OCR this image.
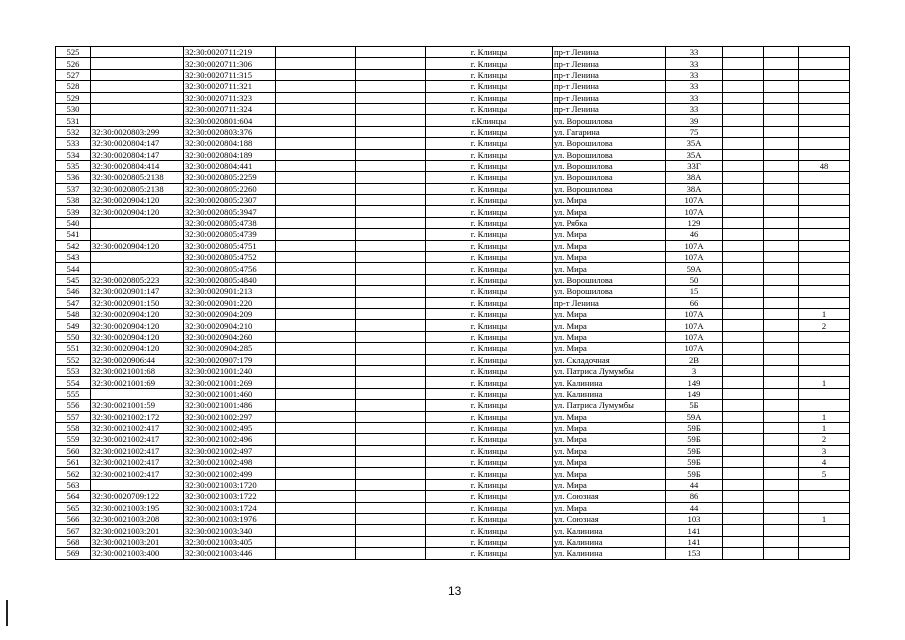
525		32:30:0020711:219			г. Клинцы	пр-т Ленина	33			
526		32:30:0020711:306			г. Клинцы	пр-т Ленина	33			
527		32:30:0020711:315			г. Клинцы	пр-т Ленина	33			
528		32:30:0020711:321			г. Клинцы	пр-т Ленина	33			
529		32:30:0020711:323			г. Клинцы	пр-т Ленина	33			
530		32:30:0020711:324			г. Клинцы	пр-т Ленина	33			
531		32:30:0020801:604			г.Клинцы	ул. Ворошилова	39			
532	32:30:0020803:299	32:30:0020803:376			г. Клинцы	ул. Гагарина	75			
533	32:30:0020804:147	32:30:0020804:188			г. Клинцы	ул. Ворошилова	35А			
534	32:30:0020804:147	32:30:0020804:189			г. Клинцы	ул. Ворошилова	35А			
535	32:30:0020804:414	32:30:0020804:441			г. Клинцы	ул. Ворошилова	33Г			48
536	32:30:0020805:2138	32:30:0020805:2259			г. Клинцы	ул. Ворошилова	38А			
537	32:30:0020805:2138	32:30:0020805:2260			г. Клинцы	ул. Ворошилова	38А			
538	32:30:0020904:120	32:30:0020805:2307			г. Клинцы	ул. Мира	107А			
539	32:30:0020904:120	32:30:0020805:3947			г. Клинцы	ул. Мира	107А			
540		32:30:0020805:4738			г. Клинцы	ул. Рябка	129			
541		32:30:0020805:4739			г. Клинцы	ул. Мира	46			
542	32:30:0020904:120	32:30:0020805:4751			г. Клинцы	ул. Мира	107А			
543		32:30:0020805:4752			г. Клинцы	ул. Мира	107А			
544		32:30:0020805:4756			г. Клинцы	ул. Мира	59А			
545	32:30:0020805:223	32:30:0020805:4840			г. Клинцы	ул. Ворошилова	50			
546	32:30:0020901:147	32:30:0020901:213			г. Клинцы	ул. Ворошилова	15			
547	32:30:0020901:150	32:30:0020901:220			г. Клинцы	пр-т Ленина	66			
548	32:30:0020904:120	32:30:0020904:209			г. Клинцы	ул. Мира	107А			1
549	32:30:0020904:120	32:30:0020904:210			г. Клинцы	ул. Мира	107А			2
550	32:30:0020904:120	32:30:0020904:260			г. Клинцы	ул. Мира	107А			
551	32:30:0020904:120	32:30:0020904:285			г. Клинцы	ул. Мира	107А			
552	32:30:0020906:44	32:30:0020907:179			г. Клинцы	ул. Складочная	2В			
553	32:30:0021001:68	32:30:0021001:240			г. Клинцы	ул. Патриса Лумумбы	3			
554	32:30:0021001:69	32:30:0021001:269			г. Клинцы	ул. Калинина	149			1
555		32:30:0021001:460			г. Клинцы	ул. Калинина	149			
556	32:30:0021001:59	32:30:0021001:486			г. Клинцы	ул. Патриса Лумумбы	5Б			
557	32:30:0021002:172	32:30:0021002:297			г. Клинцы	ул. Мира	59А			1
558	32:30:0021002:417	32:30:0021002:495			г. Клинцы	ул. Мира	59Б			1
559	32:30:0021002:417	32:30:0021002:496			г. Клинцы	ул. Мира	59Б			2
560	32:30:0021002:417	32:30:0021002:497			г. Клинцы	ул. Мира	59Б			3
561	32:30:0021002:417	32:30:0021002:498			г. Клинцы	ул. Мира	59Б			4
562	32:30:0021002:417	32:30:0021002:499			г. Клинцы	ул. Мира	59Б			5
563		32:30:0021003:1720			г. Клинцы	ул. Мира	44			
564	32:30:0020709:122	32:30:0021003:1722			г. Клинцы	ул. Союзная	86			
565	32:30:0021003:195	32:30:0021003:1724			г. Клинцы	ул. Мира	44			
566	32:30:0021003:208	32:30:0021003:1976			г. Клинцы	ул. Союзная	103			1
567	32:30:0021003:201	32:30:0021003:340			г. Клинцы	ул. Калинина	141			
568	32:30:0021003:201	32:30:0021003:405			г. Клинцы	ул. Калинина	141			
569	32:30:0021003:400	32:30:0021003:446			г. Клинцы	ул. Калинина	153			
13
